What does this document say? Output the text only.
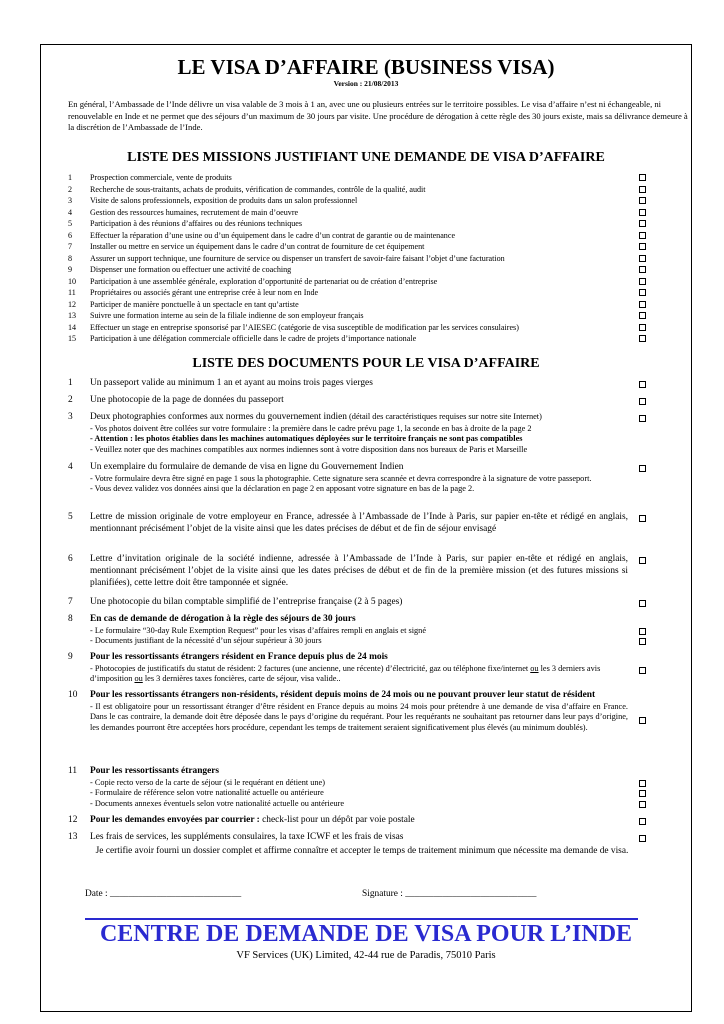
LE VISA D’AFFAIRE (BUSINESS VISA)
Version : 21/08/2013
En général, l’Ambassade de l’Inde délivre un visa valable de 3 mois à 1 an, avec une ou plusieurs entrées sur le territoire possibles. Le visa d’affaire n’est ni échangeable, ni renouvelable en Inde et ne permet que des séjours d’un maximum de 30 jours par visite. Une procédure de dérogation à cette règle des 30 jours existe, mais sa délivrance demeure à la discrétion de l’Ambassade de l’Inde.
LISTE DES MISSIONS JUSTIFIANT UNE DEMANDE DE VISA D’AFFAIRE
1 Prospection commerciale, vente de produits
2 Recherche de sous-traitants, achats de produits, vérification de commandes, contrôle de la qualité, audit
3 Visite de salons professionnels, exposition de produits dans un salon professionnel
4 Gestion des ressources humaines, recrutement de main d’oeuvre
5 Participation à des réunions d’affaires ou des réunions techniques
6 Effectuer la réparation d’une usine ou d’un équipement dans le cadre d’un contrat de garantie ou de maintenance
7 Installer ou mettre en service un équipement dans le cadre d’un contrat de fourniture de cet équipement
8 Assurer un support technique, une fourniture de service ou dispenser un transfert de savoir-faire faisant l’objet d’une facturation
9 Dispenser une formation ou effectuer une activité de coaching
10 Participation à une assemblée générale, exploration d’opportunité de partenariat ou de création d’entreprise
11 Propriétaires ou associés gérant une entreprise crée à leur nom en Inde
12 Participer de manière ponctuelle à un spectacle en tant qu’artiste
13 Suivre une formation interne au sein de la filiale indienne de son employeur français
14 Effectuer un stage en entreprise sponsorisé par l’AIESEC (catégorie de visa susceptible de modification par les services consulaires)
15 Participation à une délégation commerciale officielle dans le cadre de projets d’importance nationale
LISTE DES DOCUMENTS POUR LE VISA D’AFFAIRE
1 Un passeport valide au minimum 1 an et ayant au moins trois pages vierges
2 Une photocopie de la page de données du passeport
3 Deux photographies conformes aux normes du gouvernement indien (détail des caractéristiques requises sur notre site Internet)
- Vos photos doivent être collées sur votre formulaire : la première dans le cadre prévu page 1, la seconde en bas à droite de la page 2
- Attention : les photos établies dans les machines automatiques déployées sur le territoire français ne sont pas compatibles
- Veuillez noter que des machines compatibles aux normes indiennes sont à votre disposition dans nos bureaux de Paris et Marseille
4 Un exemplaire du formulaire de demande de visa en ligne du Gouvernement Indien
- Votre formulaire devra être signé en page 1 sous la photographie. Cette signature sera scannée et devra correspondre à la signature de votre passeport.
- Vous devez validez vos données ainsi que la déclaration en page 2 en apposant votre signature en bas de la page 2.
5 Lettre de mission originale de votre employeur en France, adressée à l’Ambassade de l’Inde à Paris, sur papier en-tête et rédigé en anglais, mentionnant précisément l’objet de la visite ainsi que les dates précises de début et de fin de séjour envisagé
6 Lettre d’invitation originale de la société indienne, adressée à l’Ambassade de l’Inde à Paris, sur papier en-tête et rédigé en anglais, mentionnant précisément l’objet de la visite ainsi que les dates précises de début et de fin de la première mission (et des futures missions si planifiées), cette lettre doit être tamponnée et signée.
7 Une photocopie du bilan comptable simplifié de l’entreprise française (2 à 5 pages)
8 En cas de demande de dérogation à la règle des séjours de 30 jours
- Le formulaire “30-day Rule Exemption Request” pour les visas d’affaires rempli en anglais et signé
- Documents justifiant de la nécessité d’un séjour supérieur à 30 jours
9 Pour les ressortissants étrangers résident en France depuis plus de 24 mois
- Photocopies de justificatifs du statut de résident: 2 factures (une ancienne, une récente) d’électricité, gaz ou téléphone fixe/internet ou les 3 derniers avis d’imposition ou les 3 dernières taxes foncières, carte de séjour, visa valide..
10 Pour les ressortissants étrangers non-résidents, résident depuis moins de 24 mois ou ne pouvant prouver leur statut de résident
- Il est obligatoire pour un ressortissant étranger d’être résident en France depuis au moins 24 mois pour prétendre à une demande de visa d’affaire en France. Dans le cas contraire, la demande doit être déposée dans le pays d’origine du requérant. Pour les requérants ne souhaitant pas retourner dans leur pays d’origine, les demandes pourront être acceptées hors procédure, cependant les temps de traitement seraient significativement plus élevés (au minimum doublés).
11 Pour les ressortissants étrangers
- Copie recto verso de la carte de séjour (si le requérant en détient une)
- Formulaire de référence selon votre nationalité actuelle ou antérieure
- Documents annexes éventuels selon votre nationalité actuelle ou antérieure
12 Pour les demandes envoyées par courrier : check-list pour un dépôt par voie postale
13 Les frais de services, les suppléments consulaires, la taxe ICWF et les frais de visas
Je certifie avoir fourni un dossier complet et affirme connaître et accepter le temps de traitement minimum que nécessite ma demande de visa.
Date : ____________________________	Signature : ____________________________
CENTRE DE DEMANDE DE VISA POUR L’INDE
VF Services (UK) Limited, 42-44 rue de Paradis, 75010 Paris
